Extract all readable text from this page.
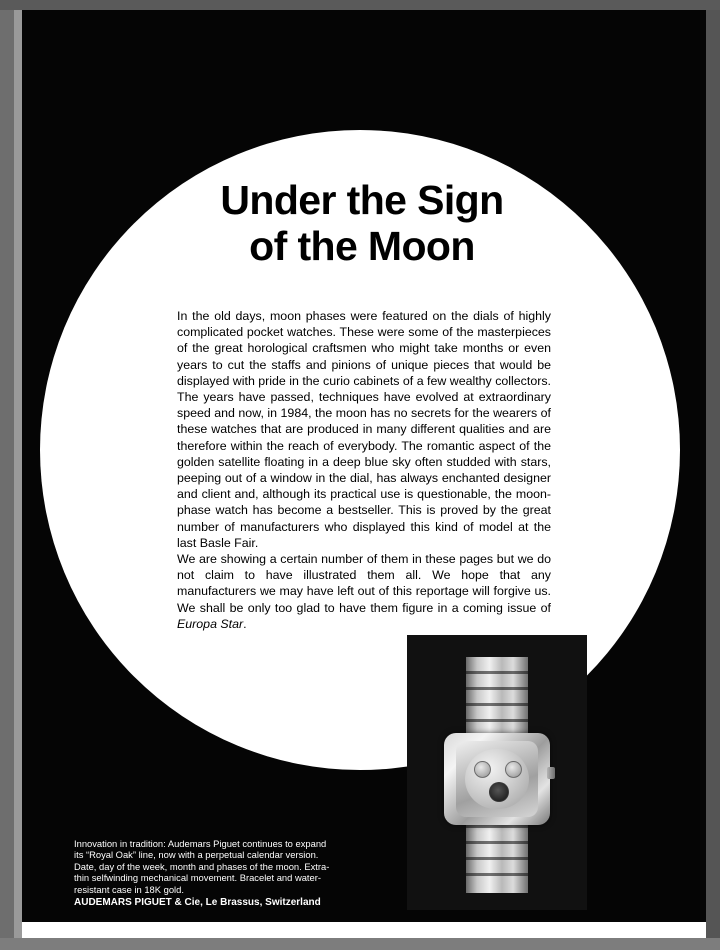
Under the Sign
of the Moon

In the old days, moon phases were featured on the dials of highly complicated pocket watches. These were some of the masterpieces of the great horological craftsmen who might take months or even years to cut the staffs and pinions of unique pieces that would be displayed with pride in the curio cabinets of a few wealthy collectors.

The years have passed, techniques have evolved at extraordinary speed and now, in 1984, the moon has no secrets for the wearers of these watches that are produced in many different qualities and are therefore within the reach of everybody. The romantic aspect of the golden satellite floating in a deep blue sky often studded with stars, peeping out of a window in the dial, has always enchanted designer and client and, although its practical use is questionable, the moon-phase watch has become a bestseller. This is proved by the great number of manufacturers who displayed this kind of model at the last Basle Fair.

We are showing a certain number of them in these pages but we do not claim to have illustrated them all. We hope that any manufacturers we may have left out of this reportage will forgive us. We shall be only too glad to have them figure in a coming issue of Europa Star.

Innovation in tradition: Audemars Piguet continues to expand

its “Royal Oak” line, now with a perpetual calendar version.

Date, day of the week, month and phases of the moon. Extra-

thin selfwinding mechanical movement. Bracelet and water-

resistant case in 18K gold.

AUDEMARS PIGUET & Cie, Le Brassus, Switzerland
